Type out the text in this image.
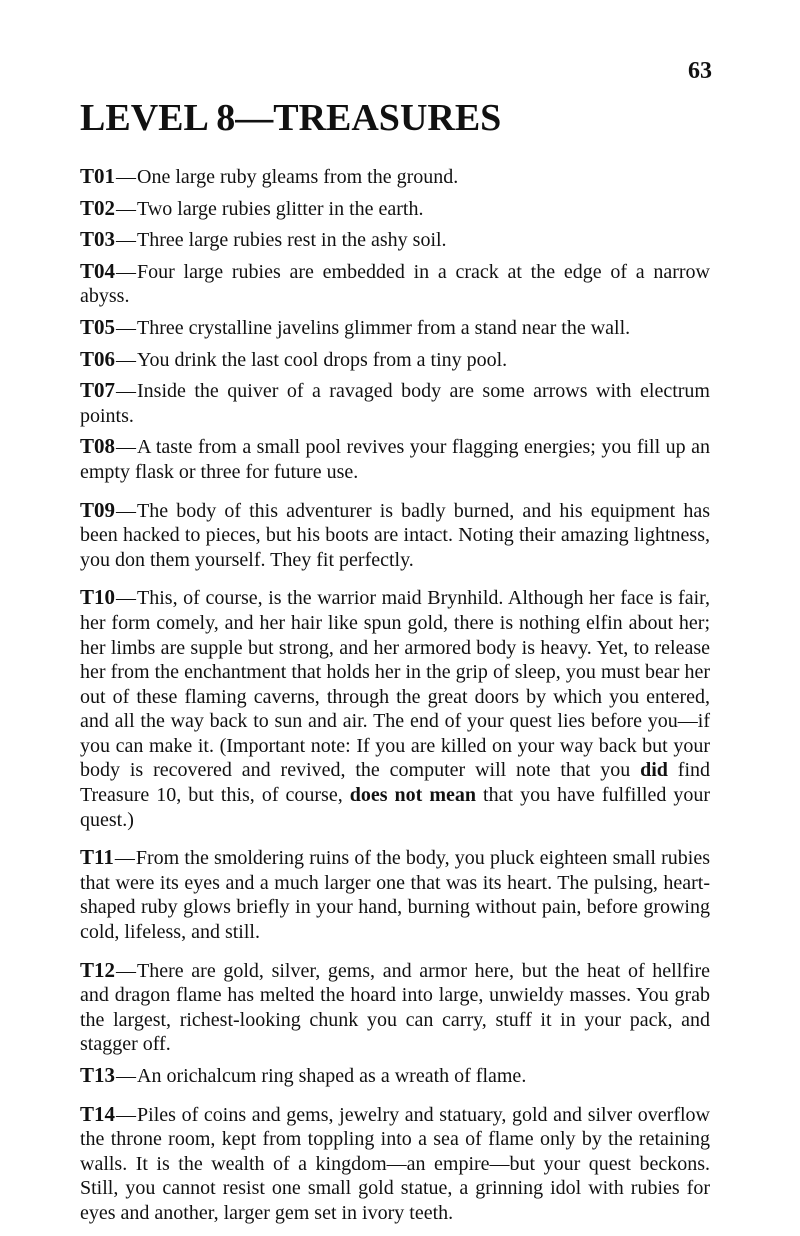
63

LEVEL 8—TREASURES

T01—One large ruby gleams from the ground.

T02—Two large rubies glitter in the earth.

T03—Three large rubies rest in the ashy soil.

T04—Four large rubies are embedded in a crack at the edge of a narrow abyss.

T05—Three crystalline javelins glimmer from a stand near the wall.

T06—You drink the last cool drops from a tiny pool.

T07—Inside the quiver of a ravaged body are some arrows with electrum points.

T08—A taste from a small pool revives your flagging energies; you fill up an empty flask or three for future use.

T09—The body of this adventurer is badly burned, and his equipment has been hacked to pieces, but his boots are intact. Noting their amazing lightness, you don them yourself. They fit perfectly.

T10—This, of course, is the warrior maid Brynhild. Although her face is fair, her form comely, and her hair like spun gold, there is nothing elfin about her; her limbs are supple but strong, and her armored body is heavy. Yet, to release her from the enchantment that holds her in the grip of sleep, you must bear her out of these flaming caverns, through the great doors by which you entered, and all the way back to sun and air. The end of your quest lies before you—if you can make it. (Important note: If you are killed on your way back but your body is recovered and revived, the computer will note that you did find Treasure 10, but this, of course, does not mean that you have fulfilled your quest.)

T11—From the smoldering ruins of the body, you pluck eighteen small rubies that were its eyes and a much larger one that was its heart. The pulsing, heart-shaped ruby glows briefly in your hand, burning without pain, before growing cold, lifeless, and still.

T12—There are gold, silver, gems, and armor here, but the heat of hellfire and dragon flame has melted the hoard into large, unwieldy masses. You grab the largest, richest-looking chunk you can carry, stuff it in your pack, and stagger off.

T13—An orichalcum ring shaped as a wreath of flame.

T14—Piles of coins and gems, jewelry and statuary, gold and silver overflow the throne room, kept from toppling into a sea of flame only by the retaining walls. It is the wealth of a kingdom—an empire—but your quest beckons. Still, you cannot resist one small gold statue, a grinning idol with rubies for eyes and another, larger gem set in ivory teeth.
